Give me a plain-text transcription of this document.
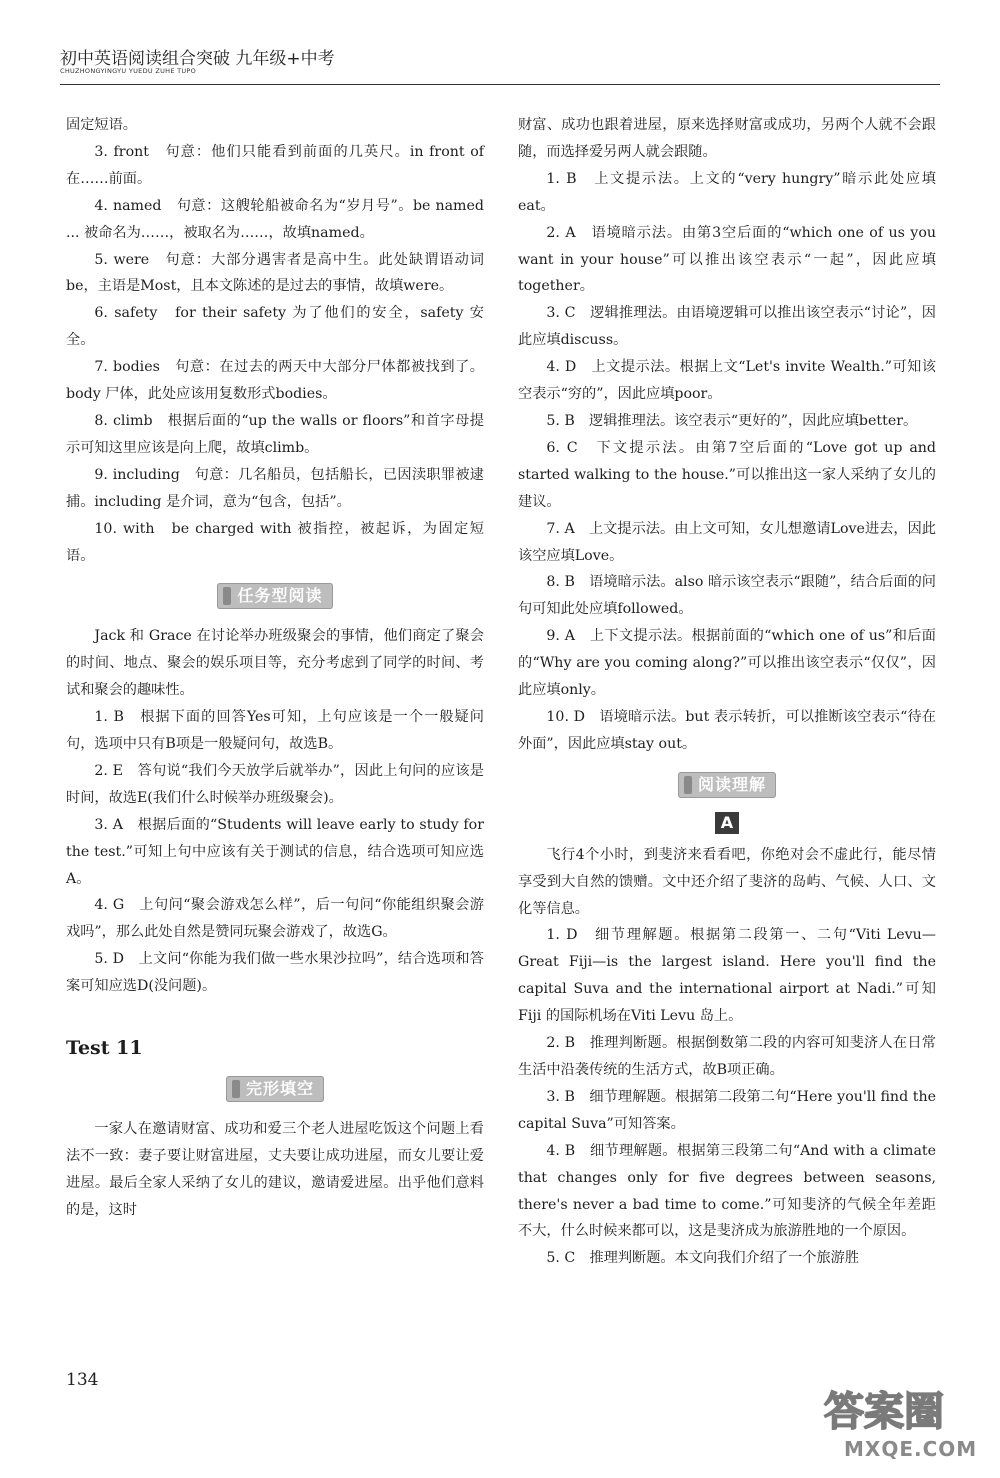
初中英语阅读组合突破 九年级+中考
CHUZHONGYINGYU YUEDU ZUHE TUPO

固定短语。

3. front　句意：他们只能看到前面的几英尺。in front of 在……前面。

4. named　句意：这艘轮船被命名为“岁月号”。be named ... 被命名为……，被取名为……，故填named。

5. were　句意：大部分遇害者是高中生。此处缺谓语动词be，主语是Most，且本文陈述的是过去的事情，故填were。

6. safety　for their safety 为了他们的安全，safety 安全。

7. bodies　句意：在过去的两天中大部分尸体都被找到了。body 尸体，此处应该用复数形式bodies。

8. climb　根据后面的“up the walls or floors”和首字母提示可知这里应该是向上爬，故填climb。

9. including　句意：几名船员，包括船长，已因渎职罪被逮捕。including 是介词，意为“包含，包括”。

10. with　be charged with 被指控，被起诉，为固定短语。

任务型阅读

Jack 和 Grace 在讨论举办班级聚会的事情，他们商定了聚会的时间、地点、聚会的娱乐项目等，充分考虑到了同学的时间、考试和聚会的趣味性。

1. B　根据下面的回答Yes可知，上句应该是一个一般疑问句，选项中只有B项是一般疑问句，故选B。

2. E　答句说“我们今天放学后就举办”，因此上句问的应该是时间，故选E(我们什么时候举办班级聚会)。

3. A　根据后面的“Students will leave early to study for the test.”可知上句中应该有关于测试的信息，结合选项可知应选A。

4. G　上句问“聚会游戏怎么样”，后一句问“你能组织聚会游戏吗”，那么此处自然是赞同玩聚会游戏了，故选G。

5. D　上文问“你能为我们做一些水果沙拉吗”，结合选项和答案可知应选D(没问题)。

Test 11
完形填空

一家人在邀请财富、成功和爱三个老人进屋吃饭这个问题上看法不一致：妻子要让财富进屋，丈夫要让成功进屋，而女儿要让爱进屋。最后全家人采纳了女儿的建议，邀请爱进屋。出乎他们意料的是，这时

财富、成功也跟着进屋，原来选择财富或成功，另两个人就不会跟随，而选择爱另两人就会跟随。

1. B　上文提示法。上文的“very hungry”暗示此处应填eat。

2. A　语境暗示法。由第3空后面的“which one of us you want in your house”可以推出该空表示“一起”，因此应填together。

3. C　逻辑推理法。由语境逻辑可以推出该空表示“讨论”，因此应填discuss。

4. D　上文提示法。根据上文“Let's invite Wealth.”可知该空表示“穷的”，因此应填poor。

5. B　逻辑推理法。该空表示“更好的”，因此应填better。

6. C　下文提示法。由第7空后面的“Love got up and started walking to the house.”可以推出这一家人采纳了女儿的建议。

7. A　上文提示法。由上文可知，女儿想邀请Love进去，因此该空应填Love。

8. B　语境暗示法。also 暗示该空表示“跟随”，结合后面的问句可知此处应填followed。

9. A　上下文提示法。根据前面的“which one of us”和后面的“Why are you coming along?”可以推出该空表示“仅仅”，因此应填only。

10. D　语境暗示法。but 表示转折，可以推断该空表示“待在外面”，因此应填stay out。

阅读理解
A

飞行4个小时，到斐济来看看吧，你绝对会不虚此行，能尽情享受到大自然的馈赠。文中还介绍了斐济的岛屿、气候、人口、文化等信息。

1. D　细节理解题。根据第二段第一、二句“Viti Levu—Great Fiji—is the largest island. Here you'll find the capital Suva and the international airport at Nadi.”可知Fiji 的国际机场在Viti Levu 岛上。

2. B　推理判断题。根据倒数第二段的内容可知斐济人在日常生活中沿袭传统的生活方式，故B项正确。

3. B　细节理解题。根据第二段第二句“Here you'll find the capital Suva”可知答案。

4. B　细节理解题。根据第三段第二句“And with a climate that changes only for five degrees between seasons, there's never a bad time to come.”可知斐济的气候全年差距不大，什么时候来都可以，这是斐济成为旅游胜地的一个原因。

5. C　推理判断题。本文向我们介绍了一个旅游胜

134
答案圈
MXQE.COM
